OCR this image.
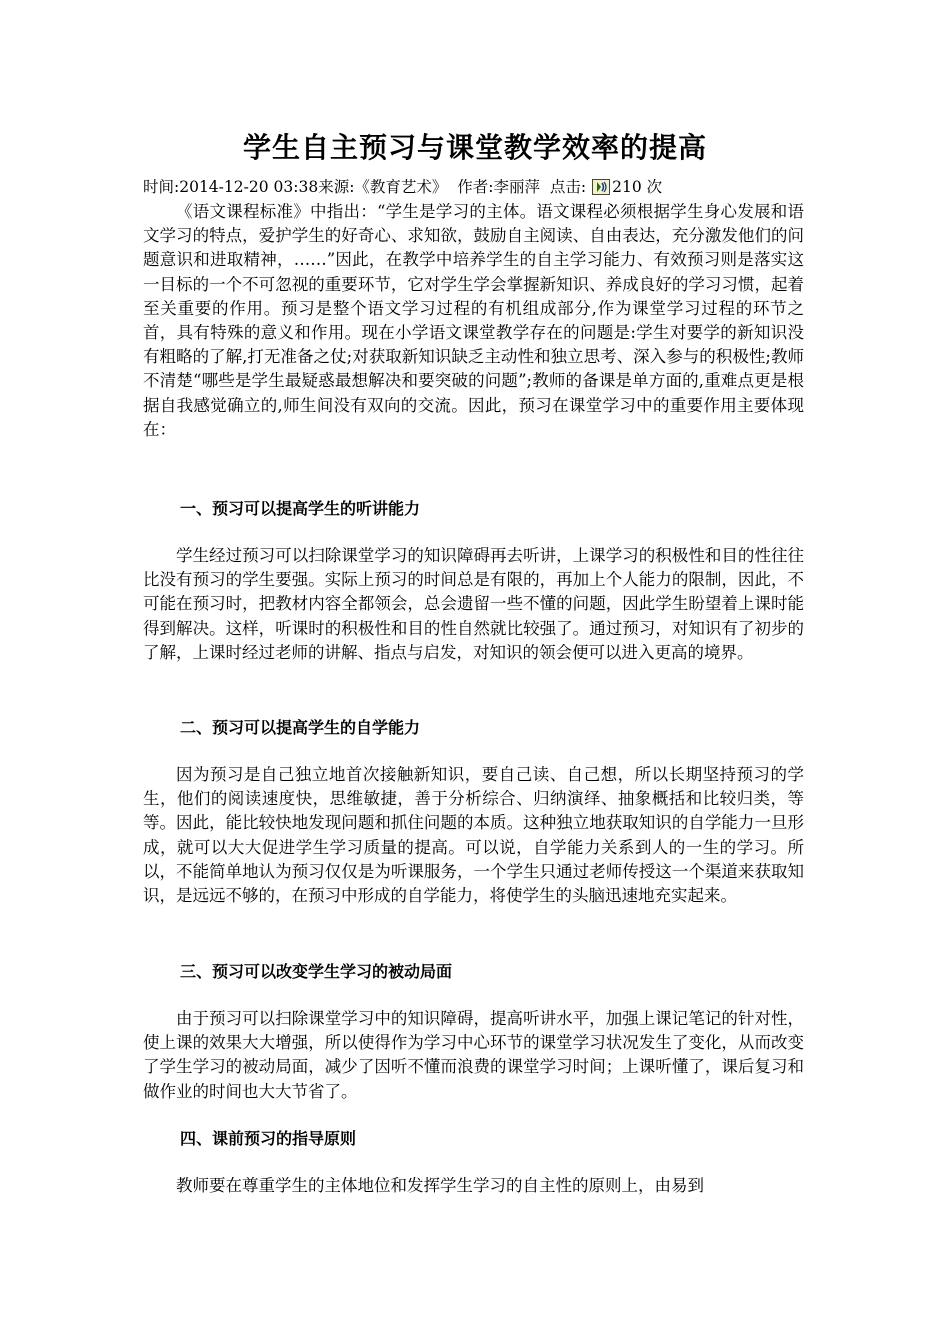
学生自主预习与课堂教学效率的提高
时间:2014-12-20 03:38来源:《教育艺术》 作者:李丽萍 点击: 210 次

《语文课程标准》中指出：“学生是学习的主体。语文课程必须根据学生身心发展和语文学习的特点，爱护学生的好奇心、求知欲，鼓励自主阅读、自由表达，充分激发他们的问题意识和进取精神，……”因此，在教学中培养学生的自主学习能力、有效预习则是落实这一目标的一个不可忽视的重要环节，它对学生学会掌握新知识、养成良好的学习习惯，起着至关重要的作用。预习是整个语文学习过程的有机组成部分,作为课堂学习过程的环节之首，具有特殊的意义和作用。现在小学语文课堂教学存在的问题是:学生对要学的新知识没有粗略的了解,打无准备之仗;对获取新知识缺乏主动性和独立思考、深入参与的积极性;教师不清楚“哪些是学生最疑惑最想解决和要突破的问题”;教师的备课是单方面的,重难点更是根据自我感觉确立的,师生间没有双向的交流。因此，预习在课堂学习中的重要作用主要体现在：

一、预习可以提高学生的听讲能力

学生经过预习可以扫除课堂学习的知识障碍再去听讲，上课学习的积极性和目的性往往比没有预习的学生要强。实际上预习的时间总是有限的，再加上个人能力的限制，因此，不可能在预习时，把教材内容全都领会，总会遗留一些不懂的问题，因此学生盼望着上课时能得到解决。这样，听课时的积极性和目的性自然就比较强了。通过预习，对知识有了初步的了解，上课时经过老师的讲解、指点与启发，对知识的领会便可以进入更高的境界。

二、预习可以提高学生的自学能力

因为预习是自己独立地首次接触新知识，要自己读、自己想，所以长期坚持预习的学生，他们的阅读速度快，思维敏捷，善于分析综合、归纳演绎、抽象概括和比较归类，等等。因此，能比较快地发现问题和抓住问题的本质。这种独立地获取知识的自学能力一旦形成，就可以大大促进学生学习质量的提高。可以说，自学能力关系到人的一生的学习。所以，不能简单地认为预习仅仅是为听课服务，一个学生只通过老师传授这一个渠道来获取知识，是远远不够的，在预习中形成的自学能力，将使学生的头脑迅速地充实起来。

三、预习可以改变学生学习的被动局面

由于预习可以扫除课堂学习中的知识障碍，提高听讲水平，加强上课记笔记的针对性，使上课的效果大大增强，所以使得作为学习中心环节的课堂学习状况发生了变化，从而改变了学生学习的被动局面，减少了因听不懂而浪费的课堂学习时间；上课听懂了，课后复习和做作业的时间也大大节省了。

四、课前预习的指导原则

教师要在尊重学生的主体地位和发挥学生学习的自主性的原则上，由易到
